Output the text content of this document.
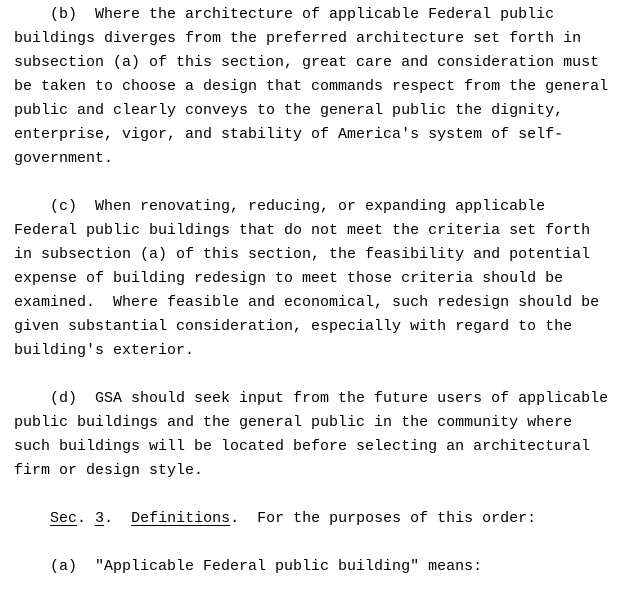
(b)  Where the architecture of applicable Federal public
buildings diverges from the preferred architecture set forth in
subsection (a) of this section, great care and consideration must
be taken to choose a design that commands respect from the general
public and clearly conveys to the general public the dignity,
enterprise, vigor, and stability of America's system of self-
government.
(c)  When renovating, reducing, or expanding applicable
Federal public buildings that do not meet the criteria set forth
in subsection (a) of this section, the feasibility and potential
expense of building redesign to meet those criteria should be
examined.  Where feasible and economical, such redesign should be
given substantial consideration, especially with regard to the
building's exterior.
(d)  GSA should seek input from the future users of applicable
public buildings and the general public in the community where
such buildings will be located before selecting an architectural
firm or design style.
Sec. 3.  Definitions.  For the purposes of this order:
(a)  "Applicable Federal public building" means:
